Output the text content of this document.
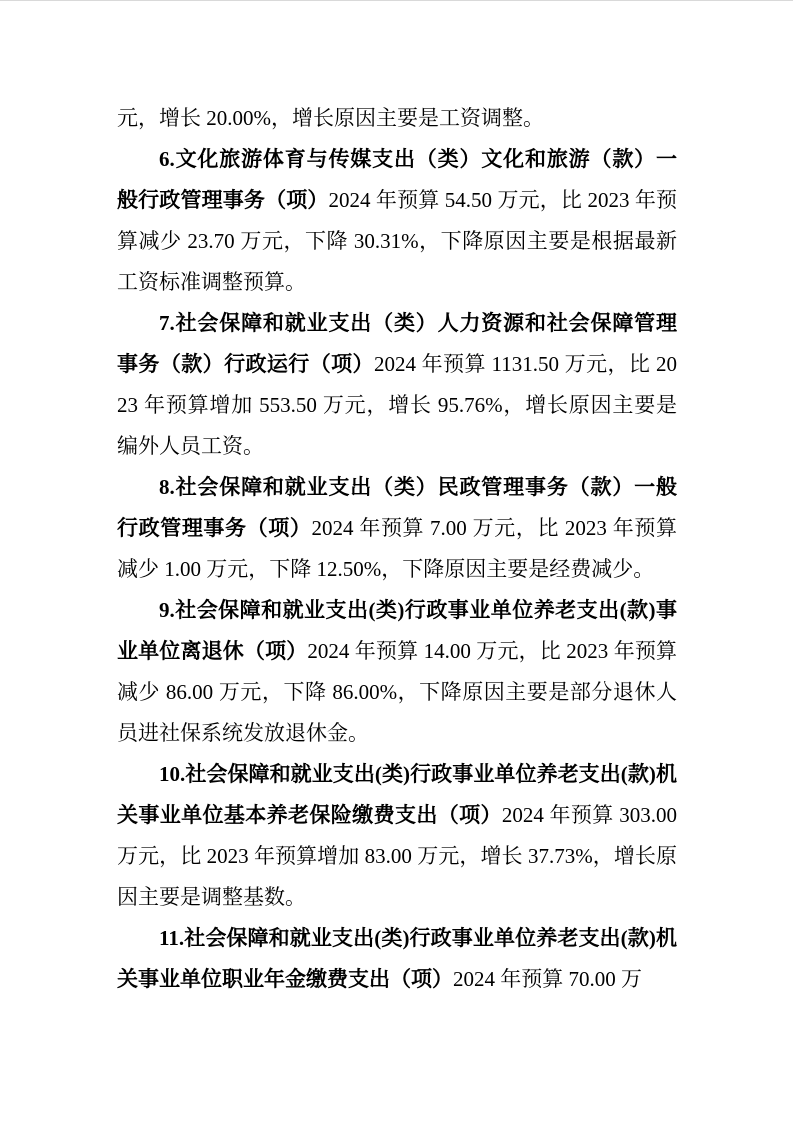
元，增长 20.00%，增长原因主要是工资调整。

6.文化旅游体育与传媒支出（类）文化和旅游（款）一般行政管理事务（项）2024 年预算 54.50 万元，比 2023 年预算减少 23.70 万元，下降 30.31%，下降原因主要是根据最新工资标准调整预算。

7.社会保障和就业支出（类）人力资源和社会保障管理事务（款）行政运行（项）2024 年预算 1131.50 万元，比 2023 年预算增加 553.50 万元，增长 95.76%，增长原因主要是编外人员工资。

8.社会保障和就业支出（类）民政管理事务（款）一般行政管理事务（项）2024 年预算 7.00 万元，比 2023 年预算减少 1.00 万元，下降 12.50%，下降原因主要是经费减少。

9.社会保障和就业支出(类)行政事业单位养老支出(款)事业单位离退休（项）2024 年预算 14.00 万元，比 2023 年预算减少 86.00 万元，下降 86.00%，下降原因主要是部分退休人员进社保系统发放退休金。

10.社会保障和就业支出(类)行政事业单位养老支出(款)机关事业单位基本养老保险缴费支出（项）2024 年预算 303.00 万元，比 2023 年预算增加 83.00 万元，增长 37.73%，增长原因主要是调整基数。

11.社会保障和就业支出(类)行政事业单位养老支出(款)机关事业单位职业年金缴费支出（项）2024 年预算 70.00 万
